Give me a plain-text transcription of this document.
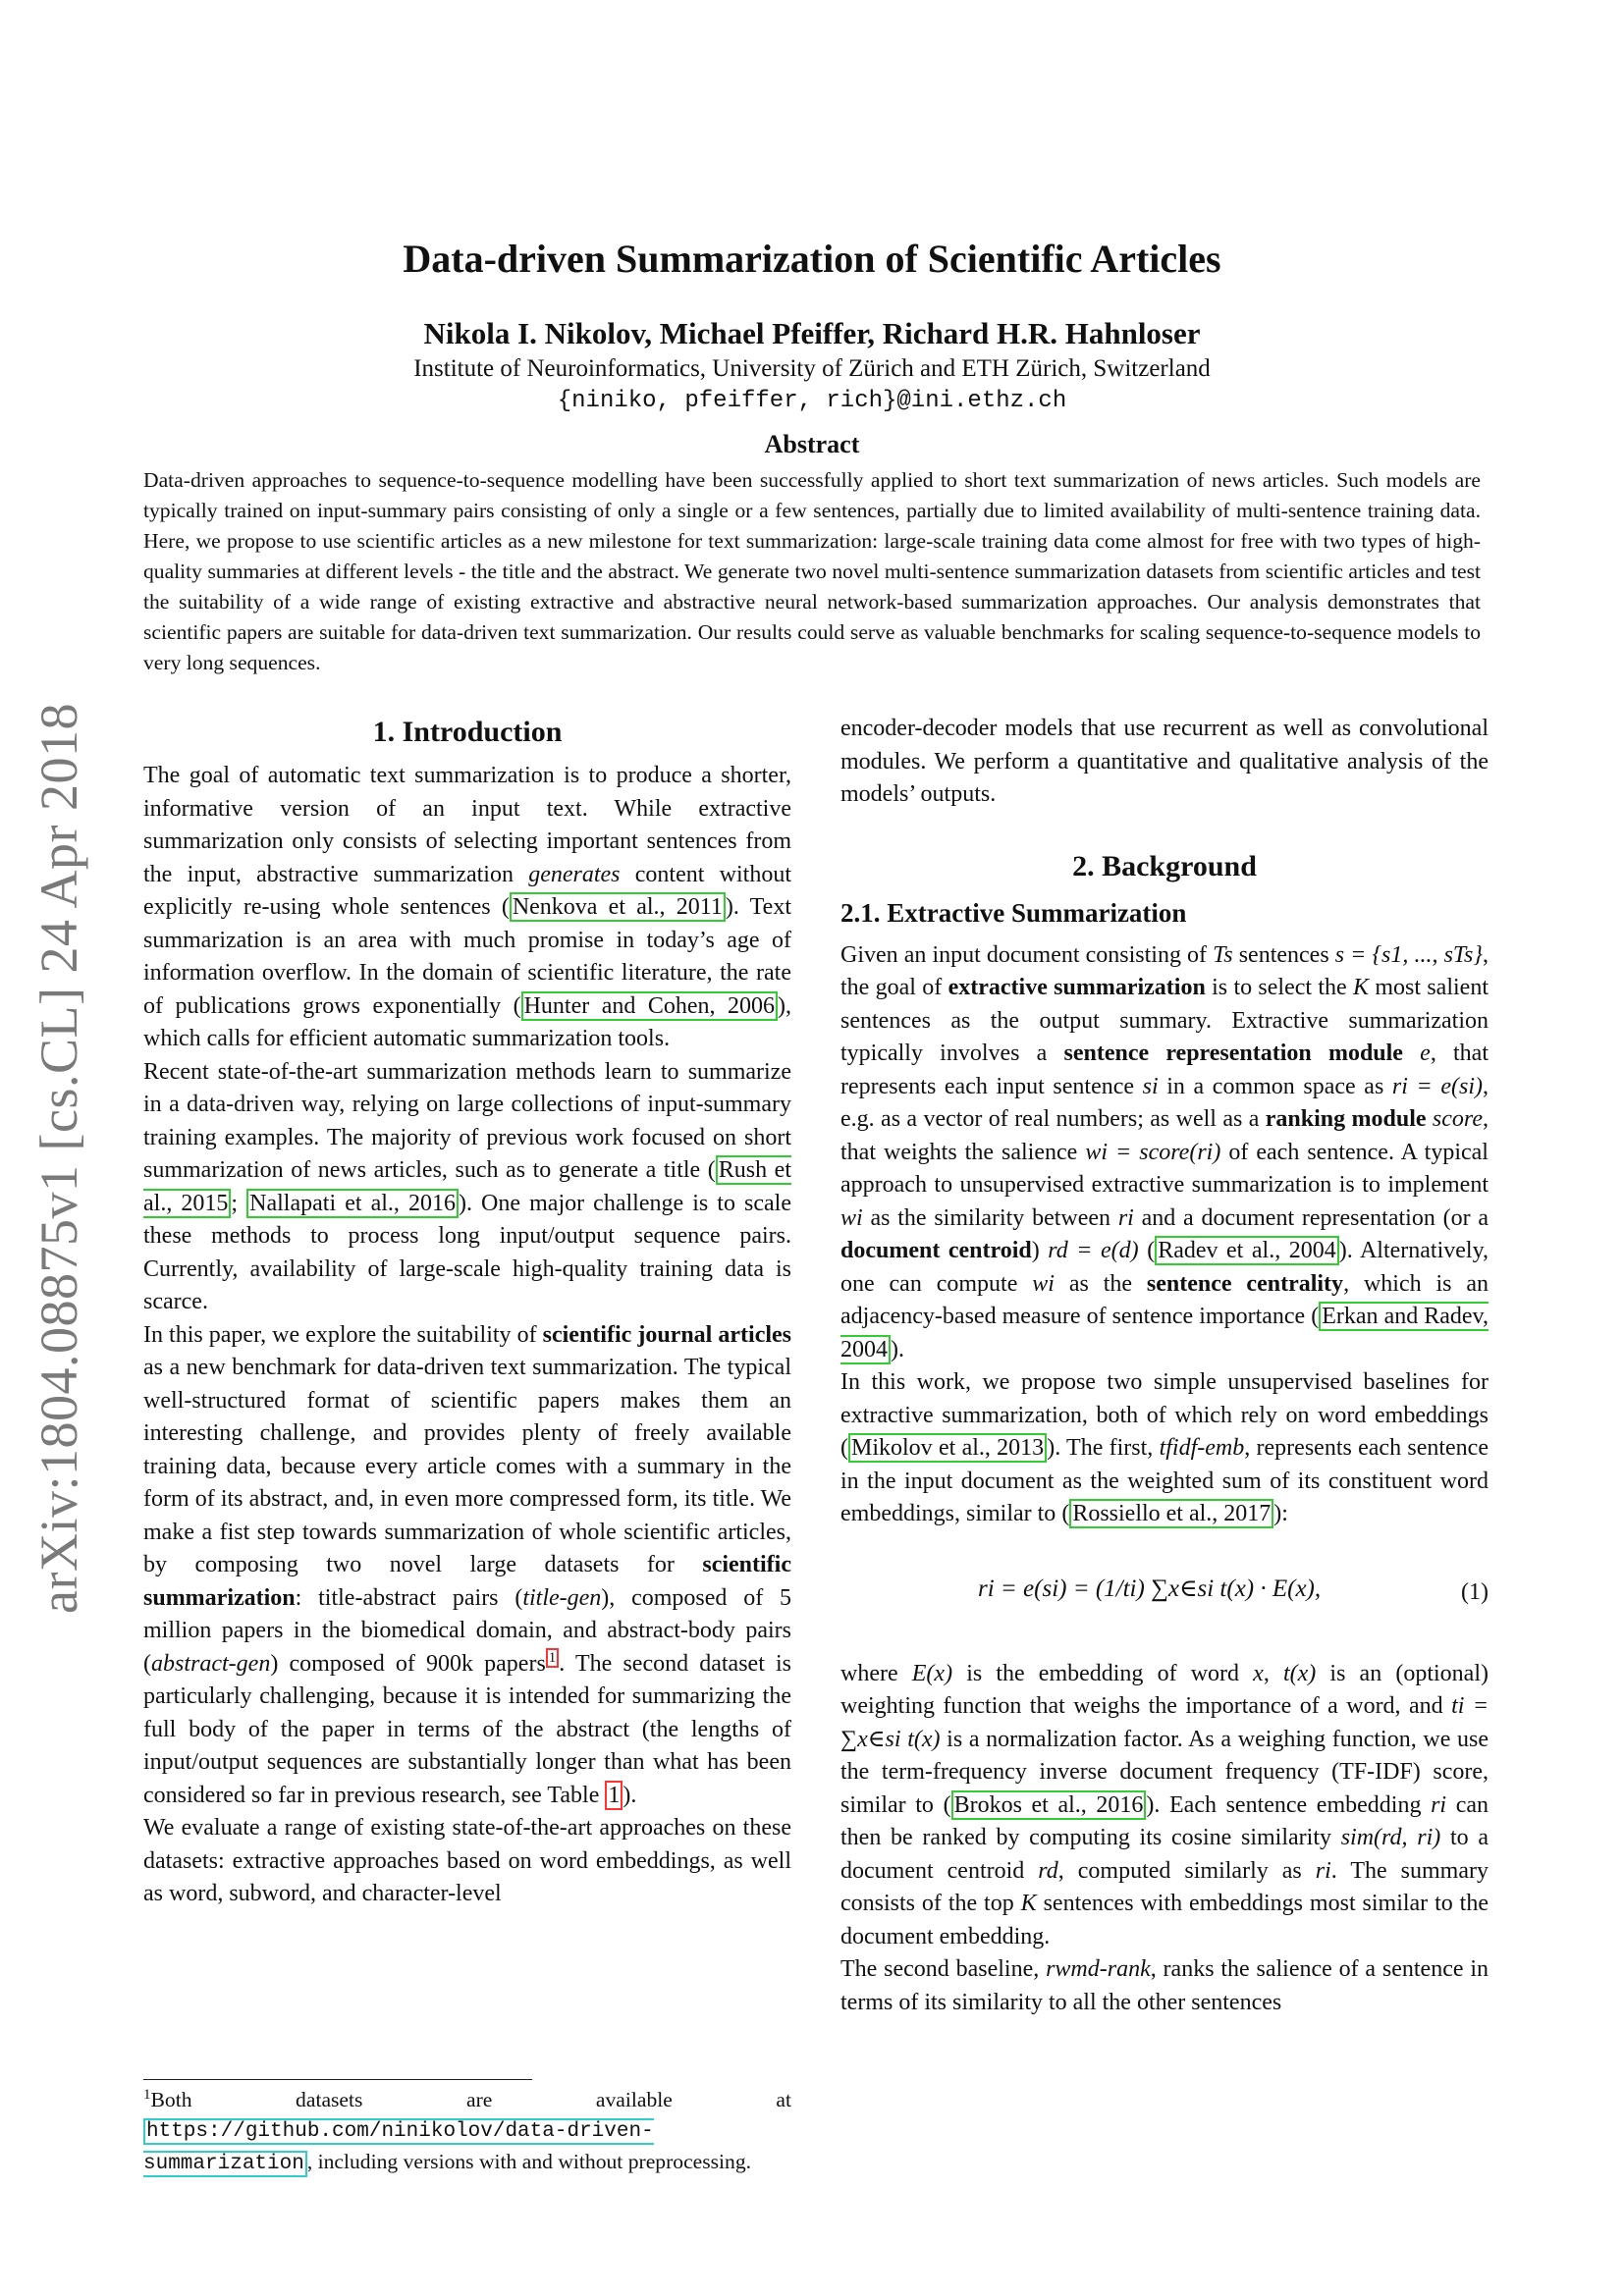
arXiv:1804.08875v1 [cs.CL] 24 Apr 2018
Data-driven Summarization of Scientific Articles
Nikola I. Nikolov, Michael Pfeiffer, Richard H.R. Hahnloser
Institute of Neuroinformatics, University of Zürich and ETH Zürich, Switzerland
{niniko, pfeiffer, rich}@ini.ethz.ch
Abstract
Data-driven approaches to sequence-to-sequence modelling have been successfully applied to short text summarization of news articles. Such models are typically trained on input-summary pairs consisting of only a single or a few sentences, partially due to limited availability of multi-sentence training data. Here, we propose to use scientific articles as a new milestone for text summarization: large-scale training data come almost for free with two types of high-quality summaries at different levels - the title and the abstract. We generate two novel multi-sentence summarization datasets from scientific articles and test the suitability of a wide range of existing extractive and abstractive neural network-based summarization approaches. Our analysis demonstrates that scientific papers are suitable for data-driven text summarization. Our results could serve as valuable benchmarks for scaling sequence-to-sequence models to very long sequences.
1. Introduction

The goal of automatic text summarization is to produce a shorter, informative version of an input text. While extractive summarization only consists of selecting important sentences from the input, abstractive summarization generates content without explicitly re-using whole sentences ( Nenkova et al., 2011 ). Text summarization is an area with much promise in today’s age of information overflow. In the domain of scientific literature, the rate of publications grows exponentially ( Hunter and Cohen, 2006 ), which calls for efficient automatic summarization tools.

Recent state-of-the-art summarization methods learn to summarize in a data-driven way, relying on large collections of input-summary training examples. The majority of previous work focused on short summarization of news articles, such as to generate a title ( Rush et al., 2015 ; Nallapati et al., 2016 ). One major challenge is to scale these methods to process long input/output sequence pairs. Currently, availability of large-scale high-quality training data is scarce.

In this paper, we explore the suitability of scientific journal articles as a new benchmark for data-driven text summarization. The typical well-structured format of scientific papers makes them an interesting challenge, and provides plenty of freely available training data, because every article comes with a summary in the form of its abstract, and, in even more compressed form, its title. We make a fist step towards summarization of whole scientific articles, by composing two novel large datasets for scientific summarization: title-abstract pairs (title-gen), composed of 5 million papers in the biomedical domain, and abstract-body pairs (abstract-gen) composed of 900k papers $^1$ . The second dataset is particularly challenging, because it is intended for summarizing the full body of the paper in terms of the abstract (the lengths of input/output sequences are substantially longer than what has been considered so far in previous research, see Table 1 ).

We evaluate a range of existing state-of-the-art approaches on these datasets: extractive approaches based on word embeddings, as well as word, subword, and character-level

$^1$Both datasets are available at https://github.com/ninikolov/data-driven-summarization , including versions with and without preprocessing.

encoder-decoder models that use recurrent as well as convolutional modules. We perform a quantitative and qualitative analysis of the models’ outputs.

2. Background
2.1. Extractive Summarization

Given an input document consisting of Ts sentences s = {s1, ..., sTs}, the goal of extractive summarization is to select the K most salient sentences as the output summary. Extractive summarization typically involves a sentence representation module e, that represents each input sentence si in a common space as ri = e(si), e.g. as a vector of real numbers; as well as a ranking module score, that weights the salience wi = score(ri) of each sentence. A typical approach to unsupervised extractive summarization is to implement wi as the similarity between ri and a document representation (or a document centroid) rd = e(d) ( Radev et al., 2004 ). Alternatively, one can compute wi as the sentence centrality, which is an adjacency-based measure of sentence importance ( Erkan and Radev, 2004 ).

In this work, we propose two simple unsupervised baselines for extractive summarization, both of which rely on word embeddings ( Mikolov et al., 2013 ). The first, tfidf-emb, represents each sentence in the input document as the weighted sum of its constituent word embeddings, similar to ( Rossiello et al., 2017 ):

ri = e(si) = (1/ti) ∑x∈si t(x) · E(x),	(1)

where E(x) is the embedding of word x, t(x) is an (optional) weighting function that weighs the importance of a word, and ti = ∑x∈si t(x) is a normalization factor. As a weighing function, we use the term-frequency inverse document frequency (TF-IDF) score, similar to ( Brokos et al., 2016 ). Each sentence embedding ri can then be ranked by computing its cosine similarity sim(rd, ri) to a document centroid rd, computed similarly as ri. The summary consists of the top K sentences with embeddings most similar to the document embedding.

The second baseline, rwmd-rank, ranks the salience of a sentence in terms of its similarity to all the other sentences
